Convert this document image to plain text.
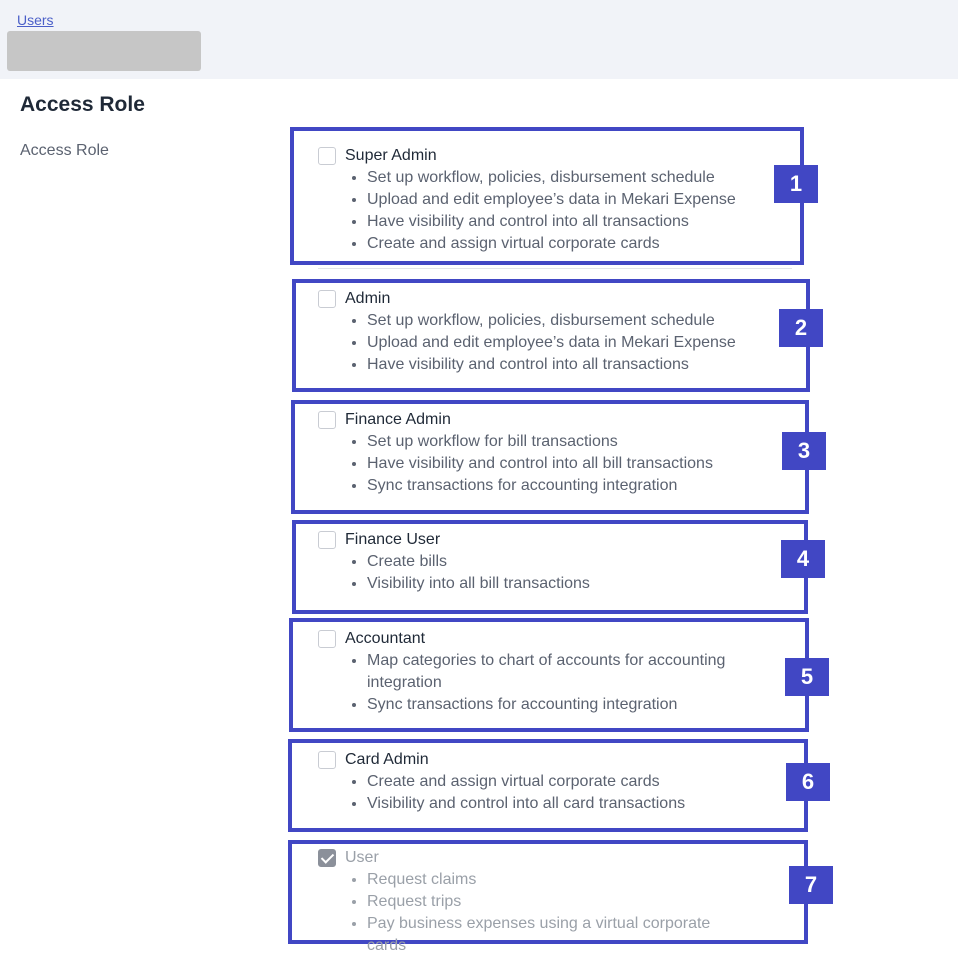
Users
Access Role
Access Role	Super Admin
• Set up workflow, policies, disbursement schedule
• Upload and edit employee’s data in Mekari Expense
• Have visibility and control into all transactions
• Create and assign virtual corporate cards
1
Admin
• Set up workflow, policies, disbursement schedule
• Upload and edit employee’s data in Mekari Expense
• Have visibility and control into all transactions
2
Finance Admin
• Set up workflow for bill transactions
• Have visibility and control into all bill transactions
• Sync transactions for accounting integration
3
Finance User
• Create bills
• Visibility into all bill transactions
4
Accountant
• Map categories to chart of accounts for accounting integration
• Sync transactions for accounting integration
5
Card Admin
• Create and assign virtual corporate cards
• Visibility and control into all card transactions
6
User
• Request claims
• Request trips
• Pay business expenses using a virtual corporate cards
7
